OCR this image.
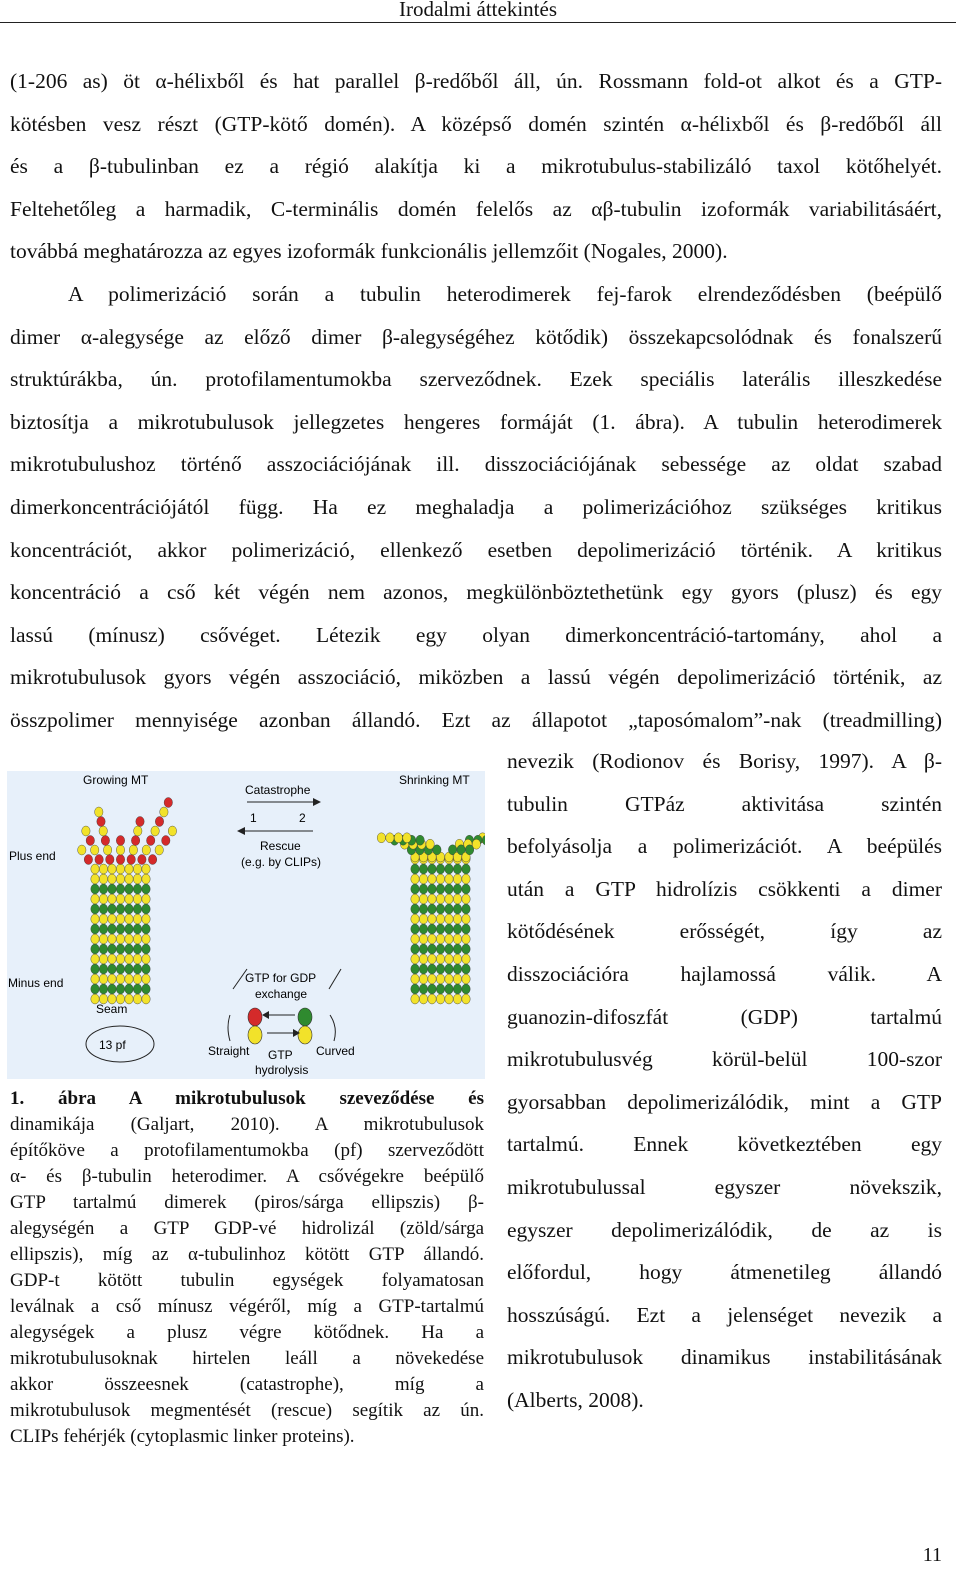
Irodalmi áttekintés
(1-206 as) öt α-hélixből és hat parallel β-redőből áll, ún. Rossmann fold-ot alkot és a GTP-
kötésben vesz részt (GTP-kötő domén). A középső domén szintén α-hélixből és β-redőből áll
és a β-tubulinban ez a régió alakítja ki a mikrotubulus-stabilizáló taxol kötőhelyét.
Feltehetőleg a harmadik, C-terminális domén felelős az αβ-tubulin izoformák variabilitásáért,
továbbá meghatározza az egyes izoformák funkcionális jellemzőit (Nogales, 2000).
A polimerizáció során a tubulin heterodimerek fej-farok elrendeződésben (beépülő
dimer α-alegysége az előző dimer β-alegységéhez kötődik) összekapcsolódnak és fonalszerű
struktúrákba, ún. protofilamentumokba szerveződnek. Ezek speciális laterális illeszkedése
biztosítja a mikrotubulusok jellegzetes hengeres formáját (1. ábra). A tubulin heterodimerek
mikrotubulushoz történő asszociációjának ill. disszociációjának sebessége az oldat szabad
dimerkoncentrációjától függ. Ha ez meghaladja a polimerizációhoz szükséges kritikus
koncentrációt, akkor polimerizáció, ellenkező esetben depolimerizáció történik. A kritikus
koncentráció a cső két végén nem azonos, megkülönböztethetünk egy gyors (plusz) és egy
lassú (mínusz) csővéget. Létezik egy olyan dimerkoncentráció-tartomány, ahol a
mikrotubulusok gyors végén asszociáció, miközben a lassú végén depolimerizáció történik, az
összpolimer mennyisége azonban állandó. Ezt az állapotot „taposómalom”-nak (treadmilling)
nevezik (Rodionov és Borisy, 1997). A β-
tubulin GTPáz aktivitása szintén
befolyásolja a polimerizációt. A beépülés
után a GTP hidrolízis csökkenti a dimer
kötődésének erősségét, így az
disszociációra hajlamossá válik. A
guanozin-difoszfát (GDP) tartalmú
mikrotubulusvég körül-belül 100-szor
gyorsabban depolimerizálódik, mint a GTP
tartalmú. Ennek következtében egy
mikrotubulussal egyszer növekszik,
egyszer depolimerizálódik, de az is
előfordul, hogy átmenetileg állandó
hosszúságú. Ezt a jelenséget nevezik a
mikrotubulusok dinamikus instabilitásának
(Alberts, 2008).
Growing MT	Shrinking MT
Catastrophe
1	2
Rescue
(e.g. by CLIPs)
Plus end
Minus end
Seam
13 pf
GTP for GDP
exchange
Straight GTP
hydrolysis
Curved
1. ábra A mikrotubulusok szeveződése és
dinamikája (Galjart, 2010). A mikrotubulusok
építőköve a protofilamentumokba (pf) szerveződött
α- és β-tubulin heterodimer. A csővégekre beépülő
GTP tartalmú dimerek (piros/sárga ellipszis) β-
alegységén a GTP GDP-vé hidrolizál (zöld/sárga
ellipszis), míg az α-tubulinhoz kötött GTP állandó.
GDP-t kötött tubulin egységek folyamatosan
leválnak a cső mínusz végéről, míg a GTP-tartalmú
alegységek a plusz végre kötődnek. Ha a
mikrotubulusoknak hirtelen leáll a növekedése
akkor összeesnek (catastrophe), míg a
mikrotubulusok megmentését (rescue) segítik az ún.
CLIPs fehérjék (cytoplasmic linker proteins).
11
